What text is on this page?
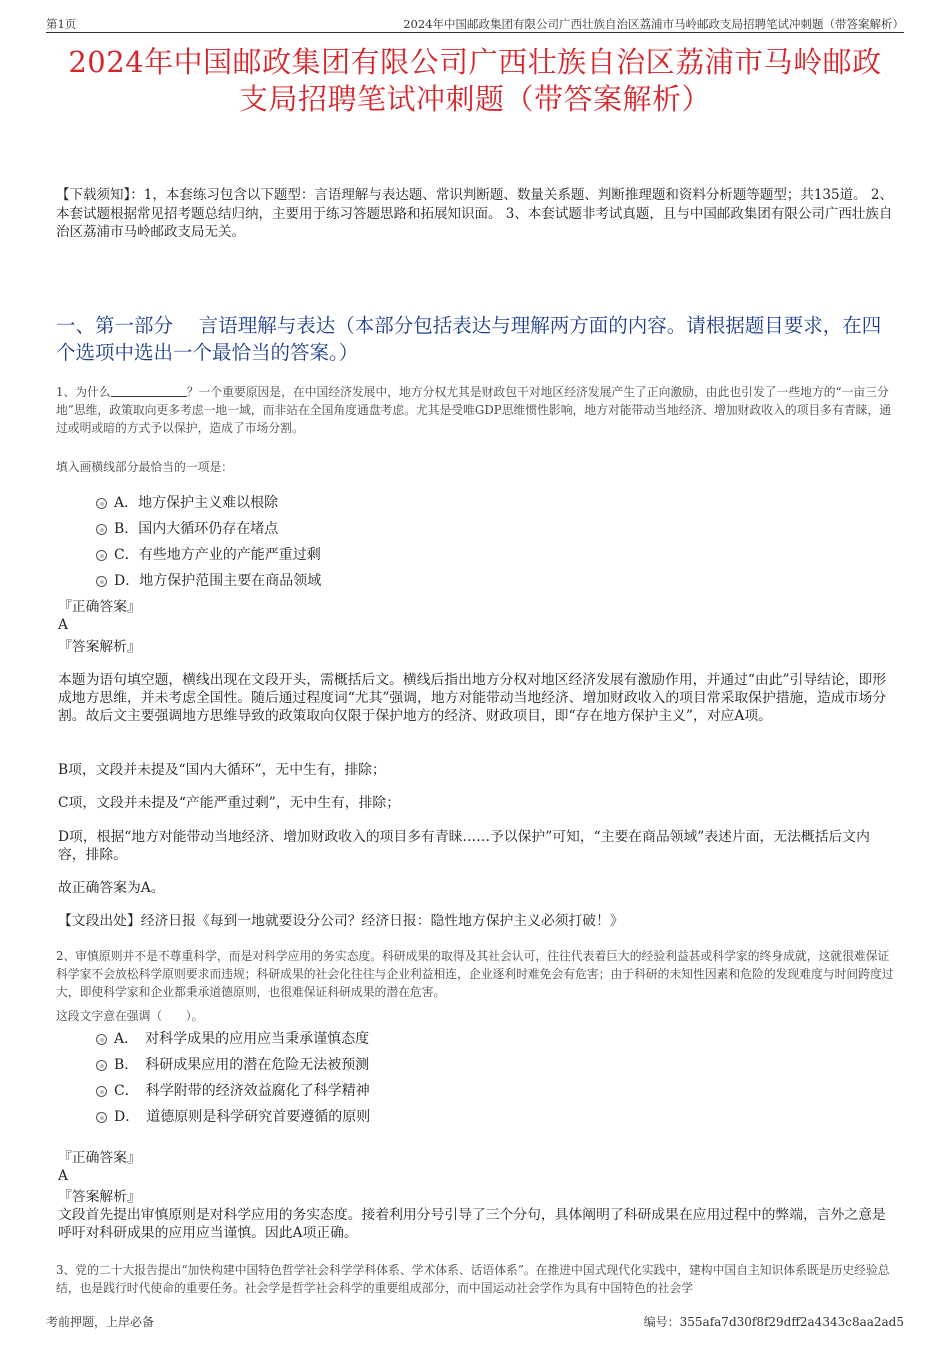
第1页	2024年中国邮政集团有限公司广西壮族自治区荔浦市马岭邮政支局招聘笔试冲刺题（带答案解析）
2024年中国邮政集团有限公司广西壮族自治区荔浦市马岭邮政
支局招聘笔试冲刺题（带答案解析）
【下载须知】：1，本套练习包含以下题型：言语理解与表达题、常识判断题、数量关系题、判断推理题和资料分析题等题型；共135道。 2、本套试题根据常见招考题总结归纳，主要用于练习答题思路和拓展知识面。 3、本套试题非考试真题，且与中国邮政集团有限公司广西壮族自治区荔浦市马岭邮政支局无关。
一、第一部分　 言语理解与表达（本部分包括表达与理解两方面的内容。请根据题目要求，在四个选项中选出一个最恰当的答案。）
1、为什么	？一个重要原因是，在中国经济发展中，地方分权尤其是财政包干对地区经济发展产生了正向激励，由此也引发了一些地方的“一亩三分地”思维，政策取向更多考虑一地一域，而非站在全国角度通盘考虑。尤其是受唯GDP思维惯性影响，地方对能带动当地经济、增加财政收入的项目多有青睐，通过或明或暗的方式予以保护，造成了市场分割。
填入画横线部分最恰当的一项是：
A．地方保护主义难以根除
B．国内大循环仍存在堵点
C．有些地方产业的产能严重过剩
D．地方保护范围主要在商品领域
『正确答案』
A
『答案解析』
本题为语句填空题，横线出现在文段开头，需概括后文。横线后指出地方分权对地区经济发展有激励作用，并通过“由此”引导结论，即形成地方思维，并未考虑全国性。随后通过程度词“尤其”强调，地方对能带动当地经济、增加财政收入的项目常采取保护措施，造成市场分割。故后文主要强调地方思维导致的政策取向仅限于保护地方的经济、财政项目，即“存在地方保护主义”，对应A项。
B项，文段并未提及“国内大循环”，无中生有，排除；
C项，文段并未提及“产能严重过剩”，无中生有，排除；
D项，根据“地方对能带动当地经济、增加财政收入的项目多有青睐……予以保护”可知，“主要在商品领域”表述片面，无法概括后文内容，排除。
故正确答案为A。
【文段出处】经济日报《每到一地就要设分公司？经济日报：隐性地方保护主义必须打破！》
2、审慎原则并不是不尊重科学，而是对科学应用的务实态度。科研成果的取得及其社会认可，往往代表着巨大的经验利益甚或科学家的终身成就，这就很难保证科学家不会放松科学原则要求而违规；科研成果的社会化往往与企业利益相连，企业逐利时难免会有危害；由于科研的未知性因素和危险的发现难度与时间跨度过大，即使科学家和企业都秉承道德原则，也很难保证科研成果的潜在危害。
这段文字意在强调（　　）。
A．　对科学成果的应用应当秉承谨慎态度
B．　科研成果应用的潜在危险无法被预测
C．　科学附带的经济效益腐化了科学精神
D．　道德原则是科学研究首要遵循的原则
『正确答案』
A
『答案解析』
文段首先提出审慎原则是对科学应用的务实态度。接着利用分号引导了三个分句，具体阐明了科研成果在应用过程中的弊端，言外之意是呼吁对科研成果的应用应当谨慎。因此A项正确。
3、党的二十大报告提出“加快构建中国特色哲学社会科学学科体系、学术体系、话语体系”。在推进中国式现代化实践中，建构中国自主知识体系既是历史经验总结，也是践行时代使命的重要任务。社会学是哲学社会科学的重要组成部分，而中国运动社会学作为具有中国特色的社会学
考前押题，上岸必备	编号：355afa7d30f8f29dff2a4343c8aa2ad5
